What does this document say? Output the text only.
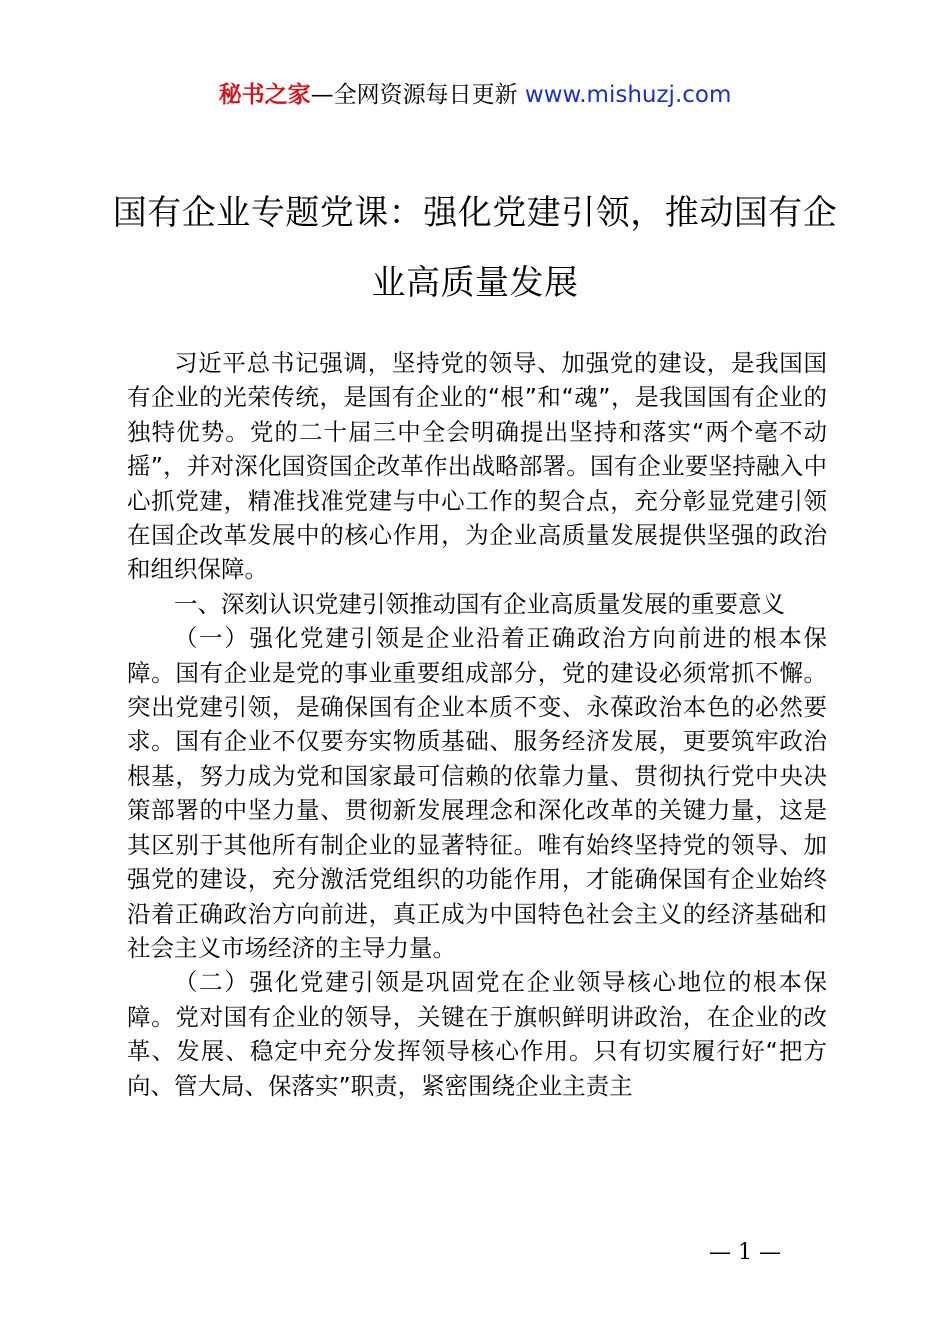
秘书之家—全网资源每日更新 www.mishuzj.com
国有企业专题党课：强化党建引领，推动国有企业高质量发展

习近平总书记强调，坚持党的领导、加强党的建设，是我国国有企业的光荣传统，是国有企业的“根”和“魂”，是我国国有企业的独特优势。党的二十届三中全会明确提出坚持和落实“两个毫不动摇”，并对深化国资国企改革作出战略部署。国有企业要坚持融入中心抓党建，精准找准党建与中心工作的契合点，充分彰显党建引领在国企改革发展中的核心作用，为企业高质量发展提供坚强的政治和组织保障。

一、深刻认识党建引领推动国有企业高质量发展的重要意义

（一）强化党建引领是企业沿着正确政治方向前进的根本保障。国有企业是党的事业重要组成部分，党的建设必须常抓不懈。突出党建引领，是确保国有企业本质不变、永葆政治本色的必然要求。国有企业不仅要夯实物质基础、服务经济发展，更要筑牢政治根基，努力成为党和国家最可信赖的依靠力量、贯彻执行党中央决策部署的中坚力量、贯彻新发展理念和深化改革的关键力量，这是其区别于其他所有制企业的显著特征。唯有始终坚持党的领导、加强党的建设，充分激活党组织的功能作用，才能确保国有企业始终沿着正确政治方向前进，真正成为中国特色社会主义的经济基础和社会主义市场经济的主导力量。

（二）强化党建引领是巩固党在企业领导核心地位的根本保障。党对国有企业的领导，关键在于旗帜鲜明讲政治，在企业的改革、发展、稳定中充分发挥领导核心作用。只有切实履行好“把方向、管大局、保落实”职责，紧密围绕企业主责主

— 1 —
